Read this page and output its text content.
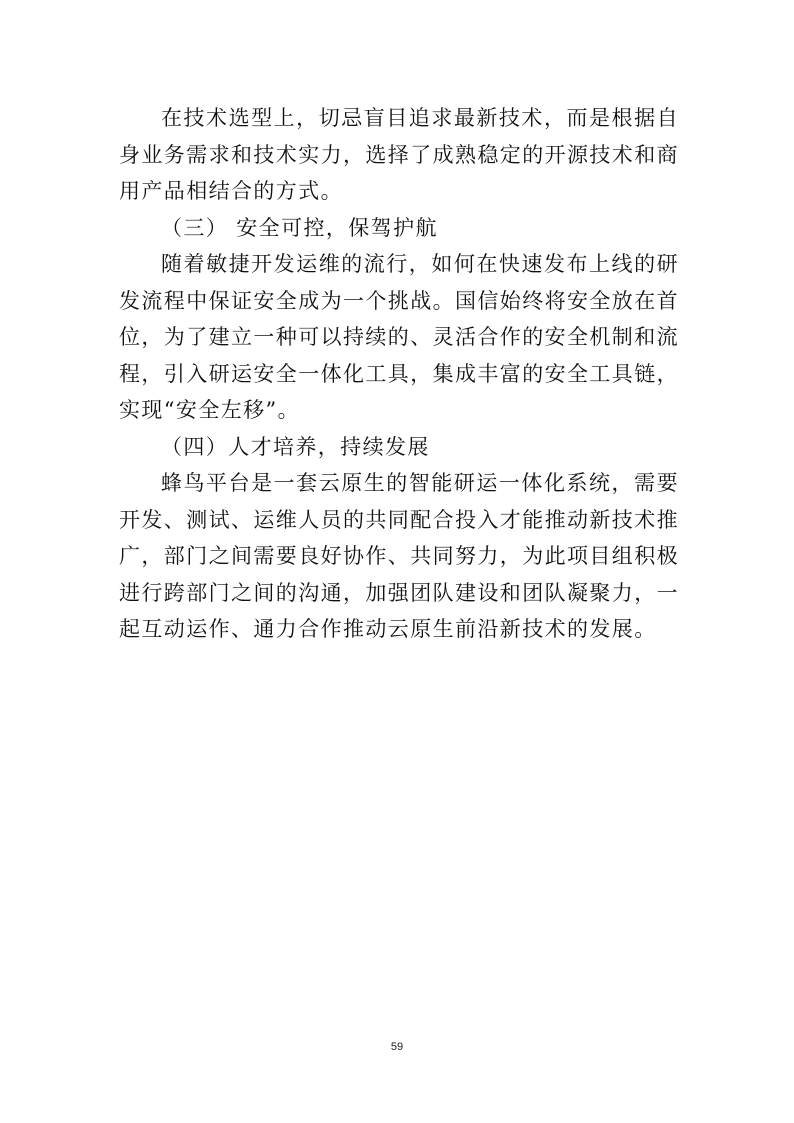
在技术选型上，切忌盲目追求最新技术，而是根据自身业务需求和技术实力，选择了成熟稳定的开源技术和商用产品相结合的方式。

（三） 安全可控，保驾护航

随着敏捷开发运维的流行，如何在快速发布上线的研发流程中保证安全成为一个挑战。国信始终将安全放在首位，为了建立一种可以持续的、灵活合作的安全机制和流程，引入研运安全一体化工具，集成丰富的安全工具链，实现“安全左移”。

（四）人才培养，持续发展

蜂鸟平台是一套云原生的智能研运一体化系统，需要开发、测试、运维人员的共同配合投入才能推动新技术推广，部门之间需要良好协作、共同努力，为此项目组积极进行跨部门之间的沟通，加强团队建设和团队凝聚力，一起互动运作、通力合作推动云原生前沿新技术的发展。

59
